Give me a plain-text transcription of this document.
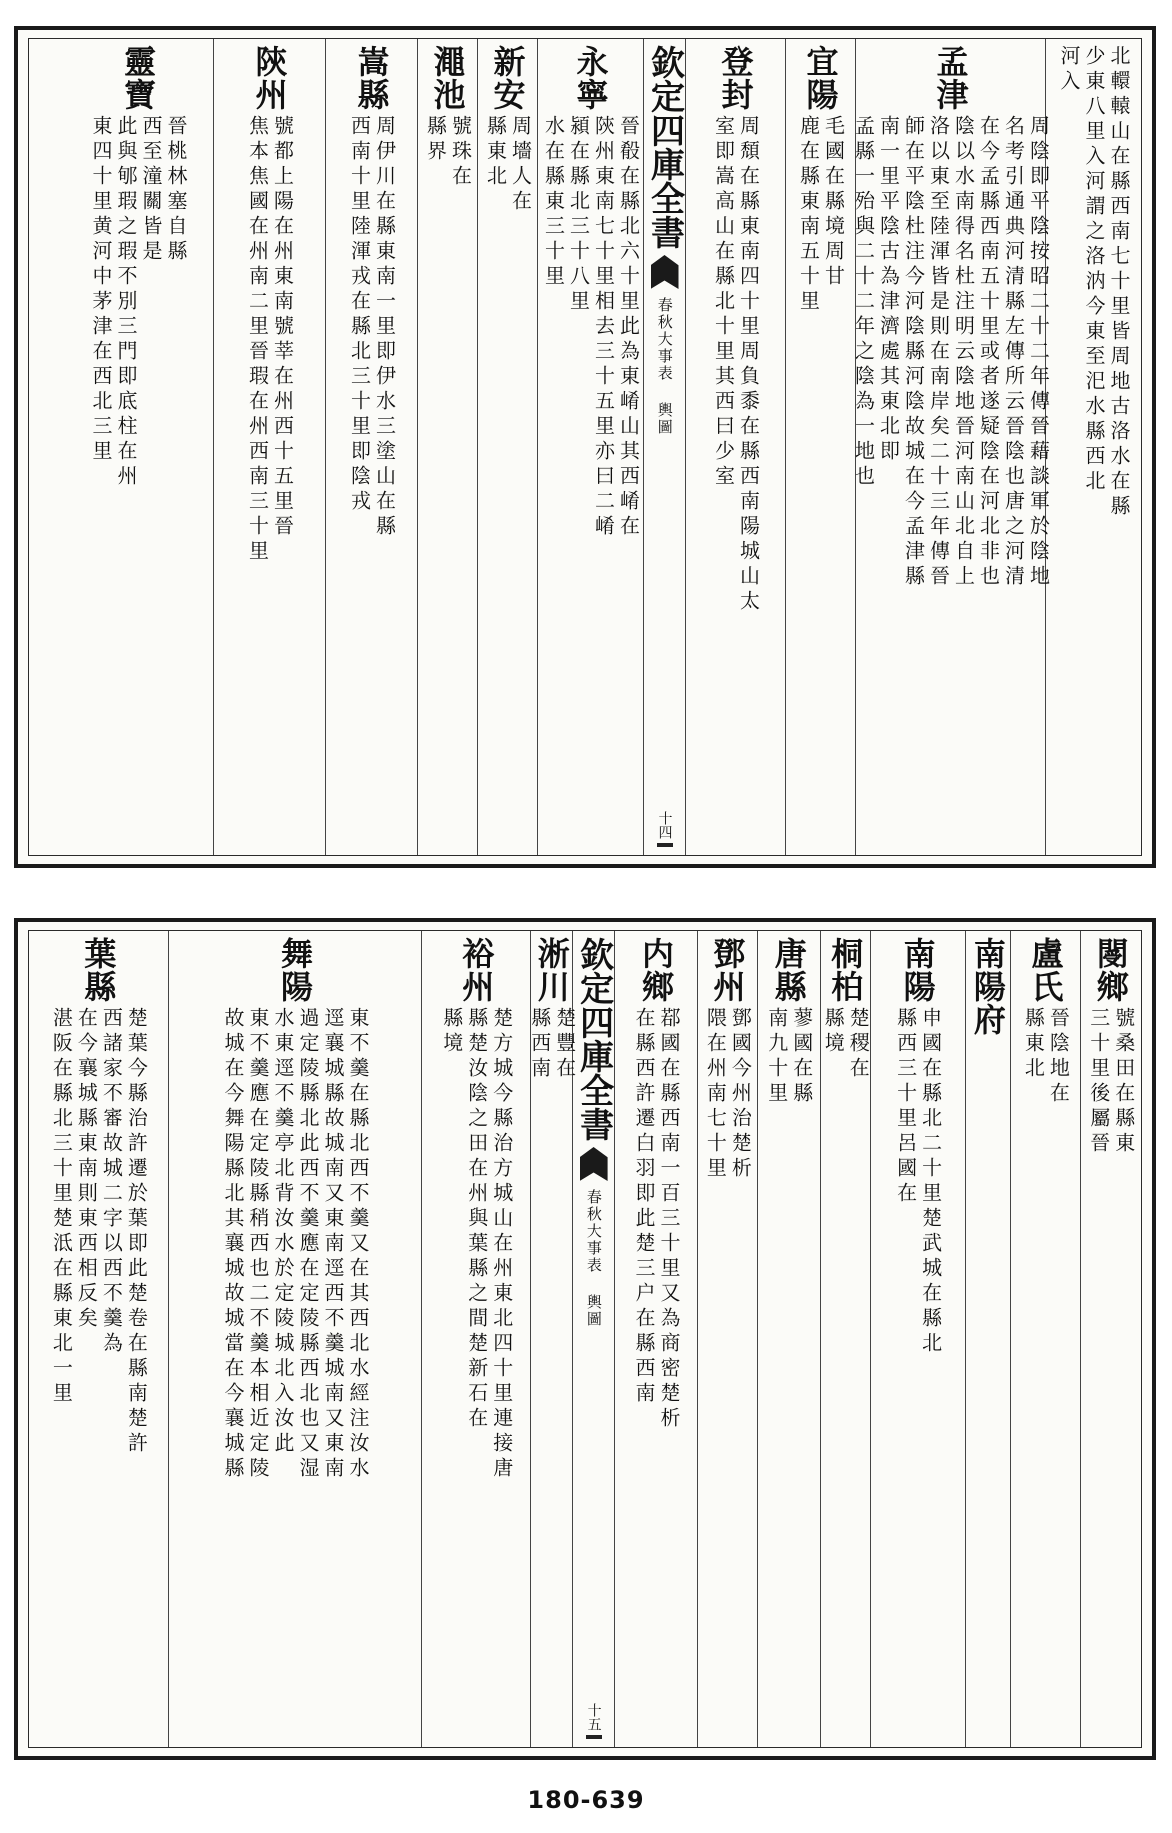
北轘轅山在縣西南七十里皆周地古洛水在縣
少東八里入河謂之洛汭今東至汜水縣西北
河入
孟津
周陰即平陰按昭二十二年傳晉藉談軍於陰地
名考引通典河清縣左傳所云晉陰也唐之河清
在今孟縣西南五十里或者遂疑陰在河北非也
陰以水南得名杜注明云陰地晉河南山北自上
洛以東至陸渾皆是則在南岸矣二十三年傳晉
師在平陰杜注今河陰縣河陰故城在今孟津縣
南一里平陰古為津濟處其東北即
孟縣一殆與二十二年之陰為一地也
宜陽
毛國在縣境周甘
鹿在縣東南五十里
登封
周頹在縣東南四十里周負黍在縣西南陽城山太
室即嵩高山在縣北十里其西曰少室
欽定四庫全書
春秋大事表 輿圖
十四
永寧
晉殽在縣北六十里此為東崤山其西崤在
陝州東南七十里相去三十五里亦曰二崤
潁在縣北三十八里
水在縣東三十里
新安
周墻人在
縣東北
澠池
號珠在
縣界
嵩縣
周伊川在縣東南一里即伊水三塗山在縣
西南十里陸渾戎在縣北三十里即陰戎
陝州
號都上陽在州東南號莘在州西十五里晉
焦本焦國在州南二里晉瑕在州西南三十里
靈寶
晉桃林塞自縣
西至潼關皆是
此與郇瑕之瑕不別三門即底柱在州
東四十里黄河中茅津在西北三里
閿鄉
號桑田在縣東
三十里後屬晉
盧氏
晉陰地在
縣東北
南陽府
南陽
申國在縣北二十里楚武城在縣北
縣西三十里呂國在
桐柏
楚稷在
縣境
唐縣
蓼國在縣
南九十里
鄧州
鄧國今州治楚析
隈在州南七十里
内鄉
鄀國在縣西南一百三十里又為商密楚析
在縣西許遷白羽即此楚三户在縣西南
欽定四庫全書
春秋大事表 輿圖
十五
淅川
楚豐在
縣西南
裕州
楚方城今縣治方城山在州東北四十里連接唐
縣楚汝陰之田在州與葉縣之間楚新石在
縣境
舞陽
東不羹在縣北西不羹又在其西北水經注汝水
逕襄城縣故城南又東南逕西不羹城南又東南
過定陵縣北此西不羹應在定陵縣西北也又湿
水東逕不羹亭北背汝水於定陵城北入汝此
東不羹應在定陵縣稍西也二不羹本相近定陵
故城在今舞陽縣北其襄城故城當在今襄城縣
葉縣
楚葉今縣治許遷於葉即此楚卷在縣南楚許
西諸家不審故城二字以西不羹為
在今襄城縣東南則東西相反矣
湛阪在縣北三十里楚泜在縣東北一里
180-639
